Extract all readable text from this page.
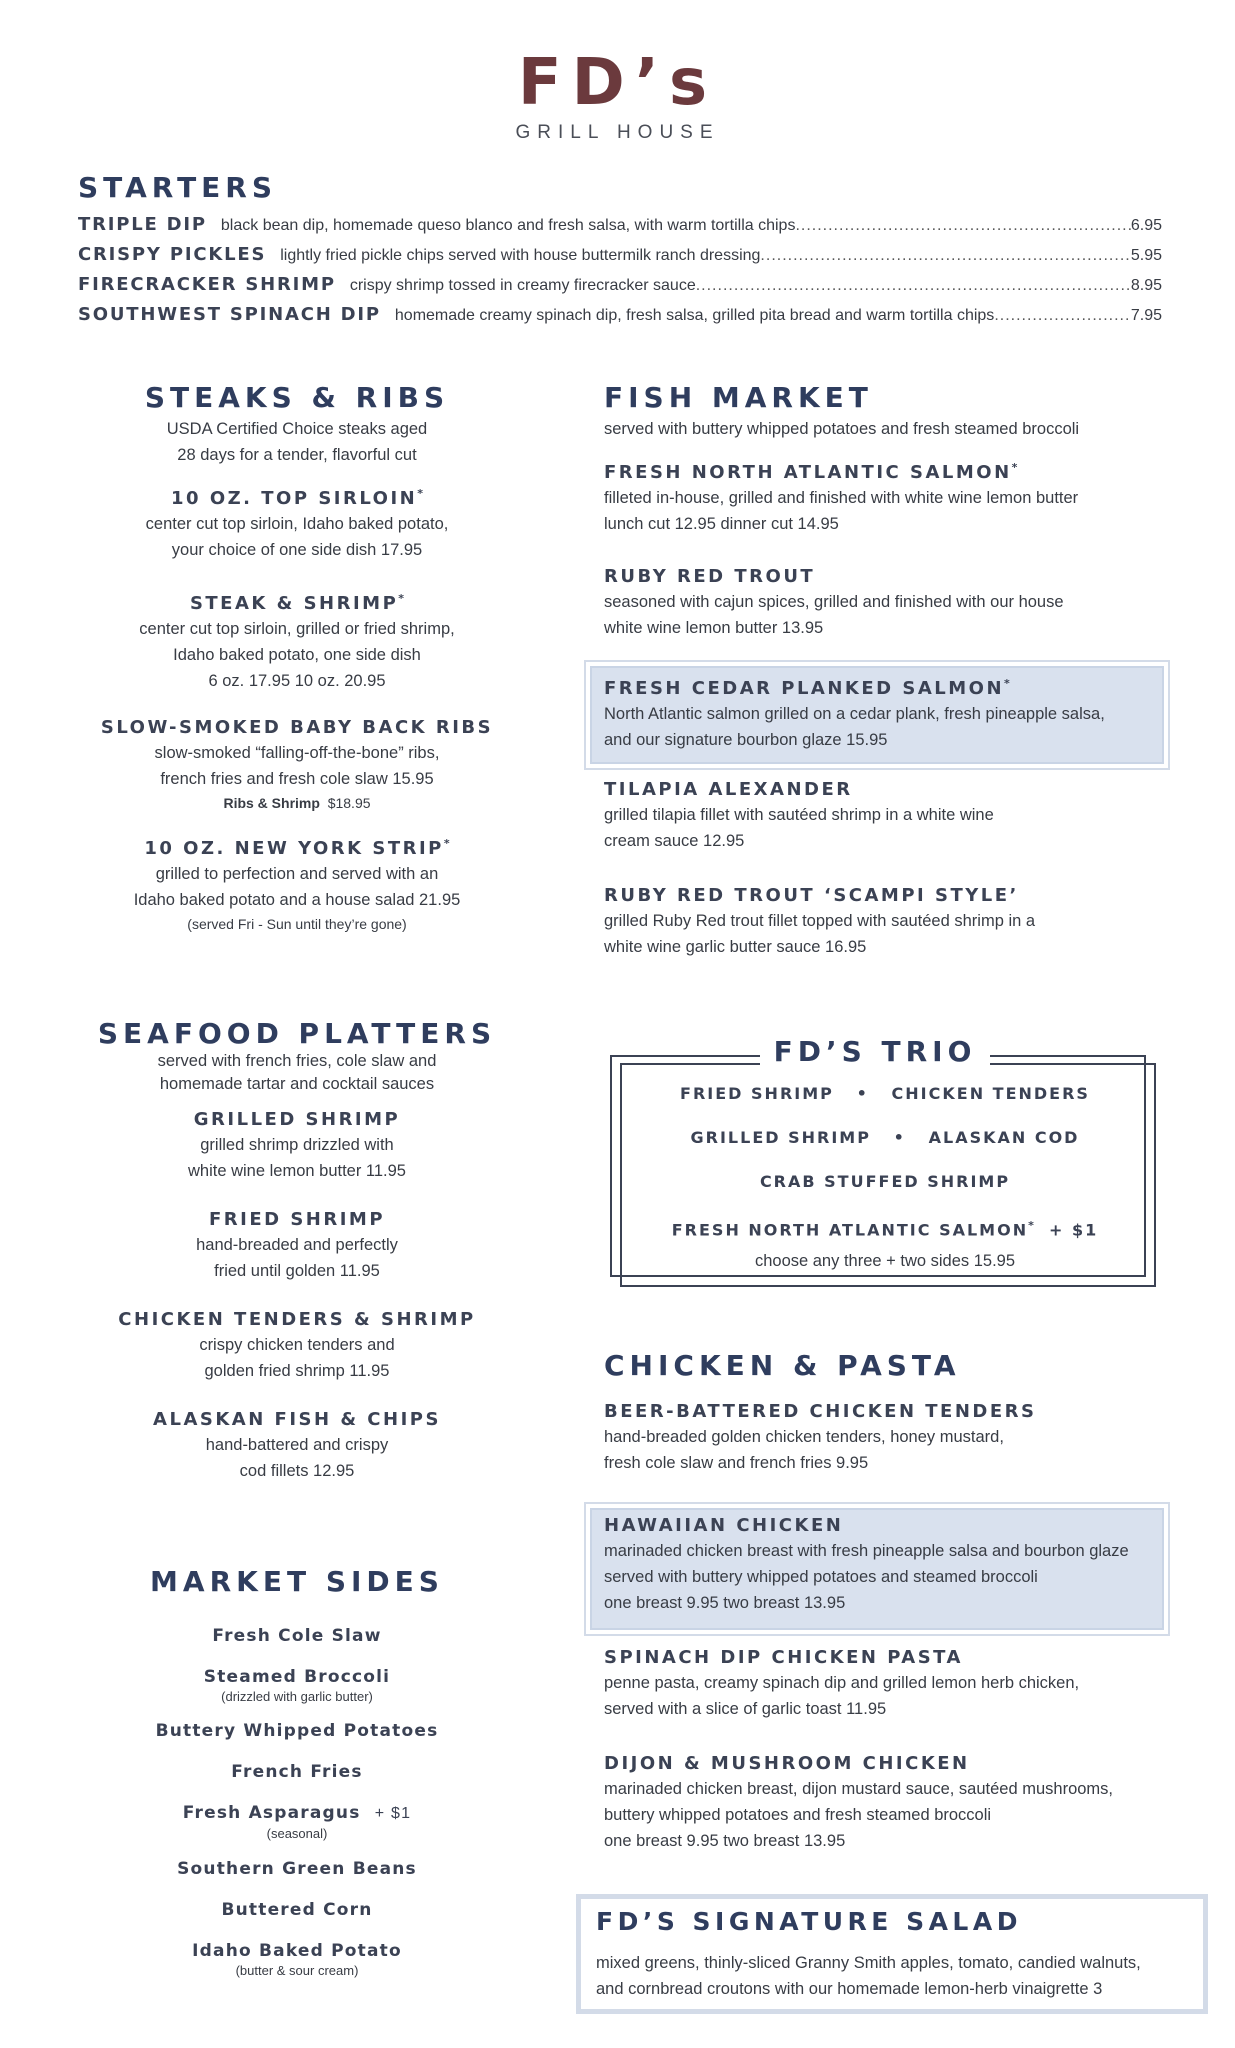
FD’s
GRILL HOUSE
STARTERS
TRIPLE DIP black bean dip, homemade queso blanco and fresh salsa, with warm tortilla chips .....	6.95
CRISPY PICKLES lightly fried pickle chips served with house buttermilk ranch dressing .....	5.95
FIRECRACKER SHRIMP crispy shrimp tossed in creamy firecracker sauce .....	8.95
SOUTHWEST SPINACH DIP homemade creamy spinach dip, fresh salsa, grilled pita bread and warm tortilla chips .....	7.95
STEAKS & RIBS
USDA Certified Choice steaks aged
28 days for a tender, flavorful cut
10 OZ. TOP SIRLOIN*
center cut top sirloin, Idaho baked potato,
your choice of one side dish 17.95
STEAK & SHRIMP*
center cut top sirloin, grilled or fried shrimp,
Idaho baked potato, one side dish
6 oz. 17.95 10 oz. 20.95
SLOW-SMOKED BABY BACK RIBS
slow-smoked “falling-off-the-bone” ribs,
french fries and fresh cole slaw 15.95
Ribs & Shrimp $18.95
10 OZ. NEW YORK STRIP*
grilled to perfection and served with an
Idaho baked potato and a house salad 21.95
(served Fri - Sun until they’re gone)
FISH MARKET
served with buttery whipped potatoes and fresh steamed broccoli
FRESH NORTH ATLANTIC SALMON*
filleted in-house, grilled and finished with white wine lemon butter
lunch cut 12.95 dinner cut 14.95
RUBY RED TROUT
seasoned with cajun spices, grilled and finished with our house
white wine lemon butter 13.95
FRESH CEDAR PLANKED SALMON*
North Atlantic salmon grilled on a cedar plank, fresh pineapple salsa,
and our signature bourbon glaze 15.95
TILAPIA ALEXANDER
grilled tilapia fillet with sautéed shrimp in a white wine
cream sauce 12.95
RUBY RED TROUT ‘SCAMPI STYLE’
grilled Ruby Red trout fillet topped with sautéed shrimp in a
white wine garlic butter sauce 16.95
SEAFOOD PLATTERS
served with french fries, cole slaw and
homemade tartar and cocktail sauces
GRILLED SHRIMP
grilled shrimp drizzled with
white wine lemon butter 11.95
FRIED SHRIMP
hand-breaded and perfectly
fried until golden 11.95
CHICKEN TENDERS & SHRIMP
crispy chicken tenders and
golden fried shrimp 11.95
ALASKAN FISH & CHIPS
hand-battered and crispy
cod fillets 12.95
FD’S TRIO
FRIED SHRIMP • CHICKEN TENDERS
GRILLED SHRIMP • ALASKAN COD
CRAB STUFFED SHRIMP
FRESH NORTH ATLANTIC SALMON* + $1
choose any three + two sides 15.95
CHICKEN & PASTA
BEER-BATTERED CHICKEN TENDERS
hand-breaded golden chicken tenders, honey mustard,
fresh cole slaw and french fries 9.95
HAWAIIAN CHICKEN
marinaded chicken breast with fresh pineapple salsa and bourbon glaze
served with buttery whipped potatoes and steamed broccoli
one breast 9.95 two breast 13.95
SPINACH DIP CHICKEN PASTA
penne pasta, creamy spinach dip and grilled lemon herb chicken,
served with a slice of garlic toast 11.95
DIJON & MUSHROOM CHICKEN
marinaded chicken breast, dijon mustard sauce, sautéed mushrooms,
buttery whipped potatoes and fresh steamed broccoli
one breast 9.95 two breast 13.95
MARKET SIDES
Fresh Cole Slaw
Steamed Broccoli
(drizzled with garlic butter)
Buttery Whipped Potatoes
French Fries
Fresh Asparagus + $1
(seasonal)
Southern Green Beans
Buttered Corn
Idaho Baked Potato
(butter & sour cream)
FD’S SIGNATURE SALAD
mixed greens, thinly-sliced Granny Smith apples, tomato, candied walnuts,
and cornbread croutons with our homemade lemon-herb vinaigrette 3
